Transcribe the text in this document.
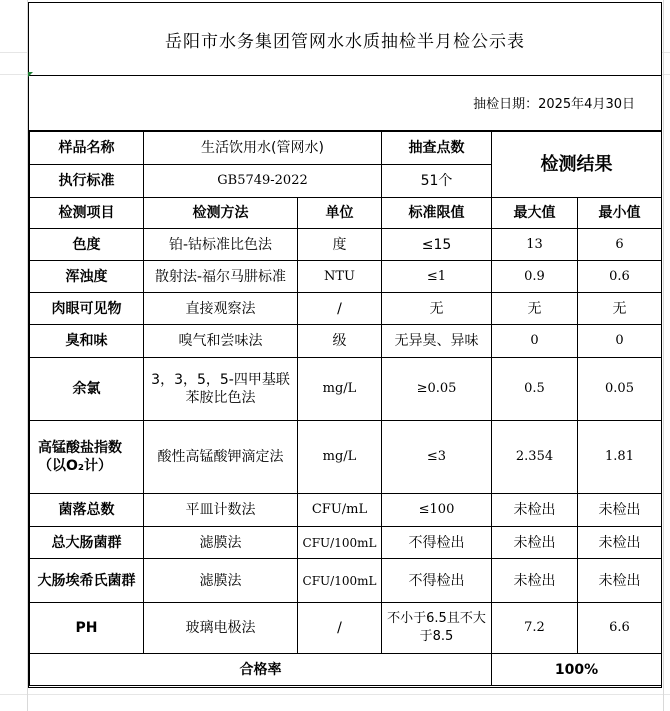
岳阳市水务集团管网水水质抽检半月检公示表
抽检日期：2025年4月30日
样品名称	生活饮用水(管网水)		抽查点数	检测结果	
执行标准	GB5749-2022		51个		
检测项目	检测方法	单位	标准限值	最大值	最小值
色度	铂-钴标准比色法	度	≤15	13	6
浑浊度	散射法-福尔马肼标准	NTU	≤1	0.9	0.6
肉眼可见物	直接观察法	/	无	无	无
臭和味	嗅气和尝味法	级	无异臭、异味	0	0
余氯	3，3，5，5-四甲基联苯胺比色法	mg/L	≥0.05	0.5	0.05
高锰酸盐指数（以O₂计）	酸性高锰酸钾滴定法	mg/L	≤3	2.354	1.81
菌落总数	平皿计数法	CFU/mL	≤100	未检出	未检出
总大肠菌群	滤膜法	CFU/100mL	不得检出	未检出	未检出
大肠埃希氏菌群	滤膜法	CFU/100mL	不得检出	未检出	未检出
PH	玻璃电极法	/	不小于6.5且不大于8.5	7.2	6.6
合格率				100%	
